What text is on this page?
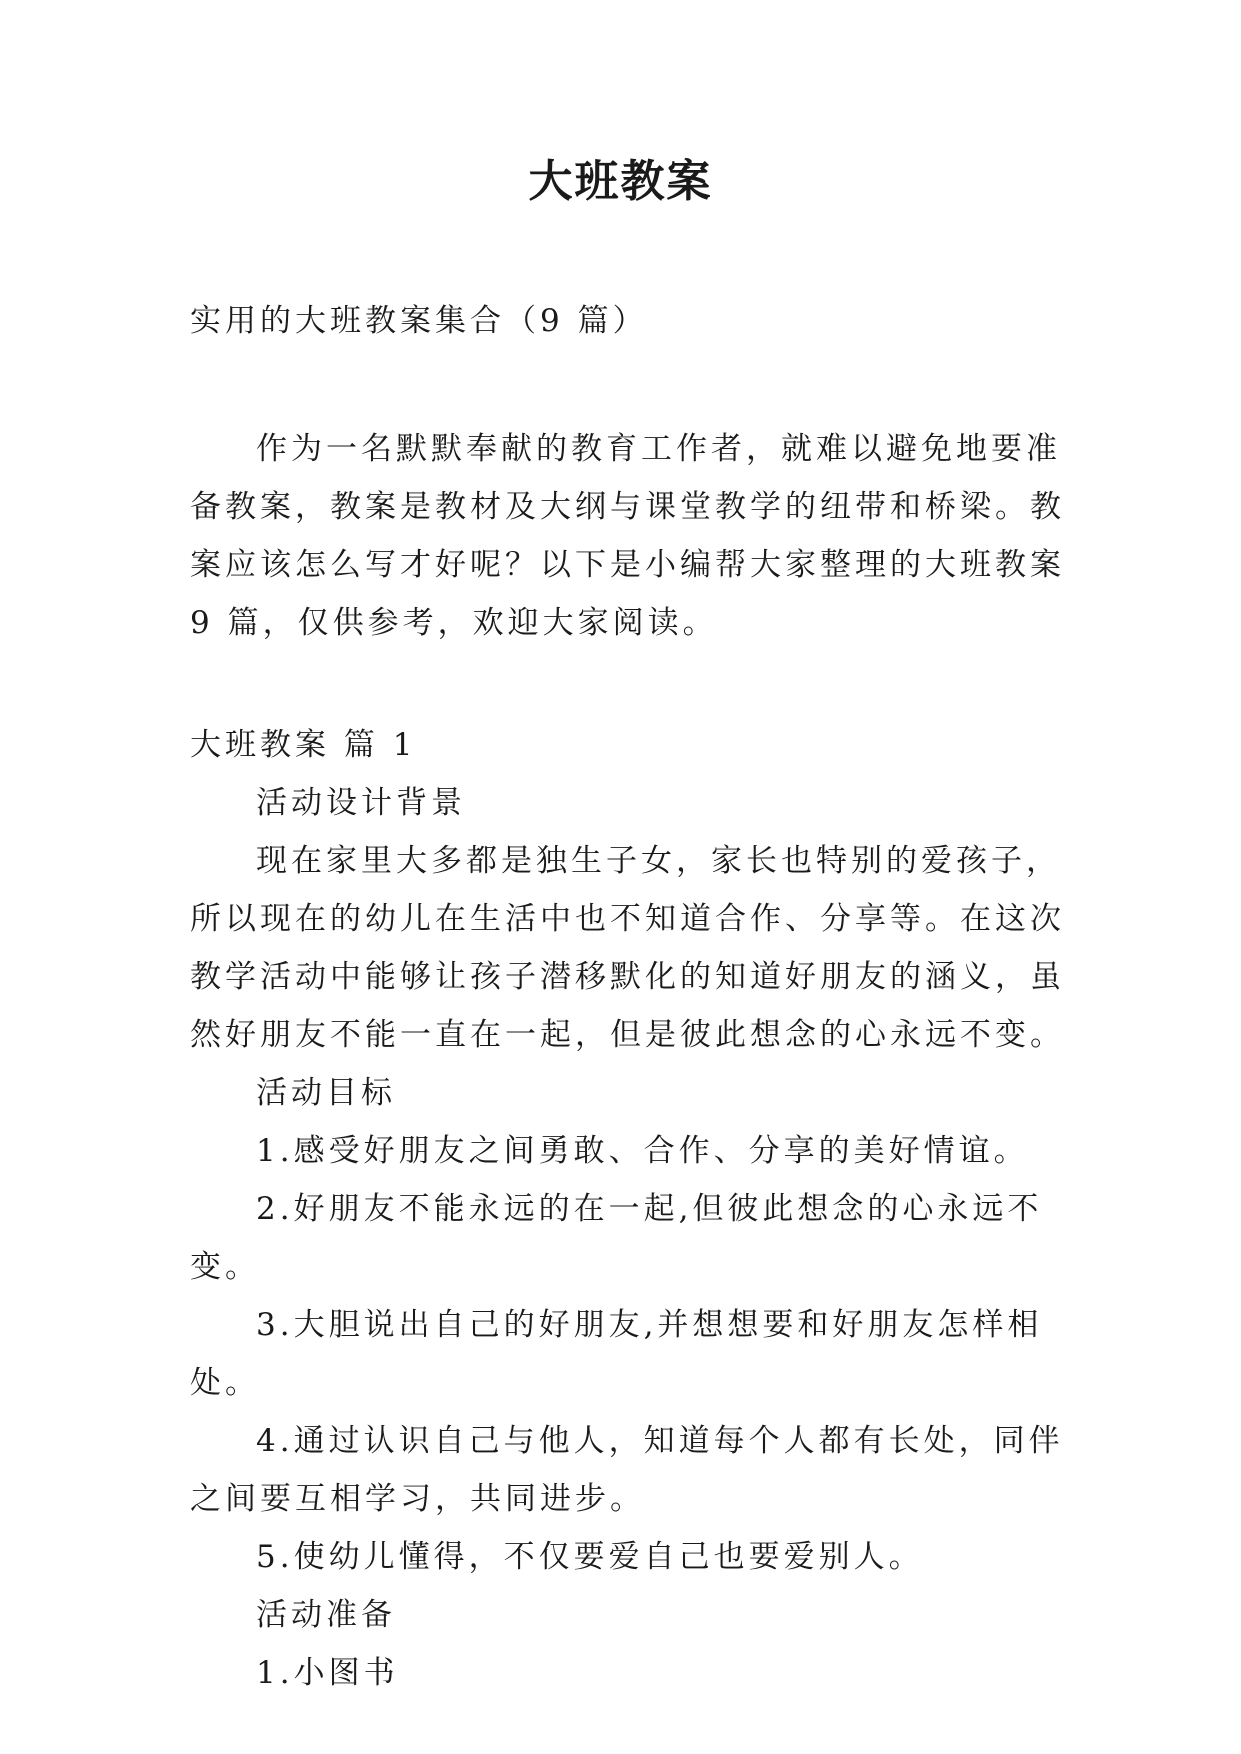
大班教案

实用的大班教案集合（9 篇）

作为一名默默奉献的教育工作者，就难以避免地要准备教案，教案是教材及大纲与课堂教学的纽带和桥梁。教案应该怎么写才好呢？以下是小编帮大家整理的大班教案 9 篇，仅供参考，欢迎大家阅读。

大班教案 篇 1

活动设计背景

现在家里大多都是独生子女，家长也特别的爱孩子，所以现在的幼儿在生活中也不知道合作、分享等。在这次教学活动中能够让孩子潜移默化的知道好朋友的涵义，虽然好朋友不能一直在一起，但是彼此想念的心永远不变。

活动目标

1.感受好朋友之间勇敢、合作、分享的美好情谊。

2.好朋友不能永远的在一起,但彼此想念的心永远不变。

3.大胆说出自己的好朋友,并想想要和好朋友怎样相处。

4.通过认识自己与他人，知道每个人都有长处，同伴之间要互相学习，共同进步。

5.使幼儿懂得，不仅要爱自己也要爱别人。

活动准备

1.小图书
